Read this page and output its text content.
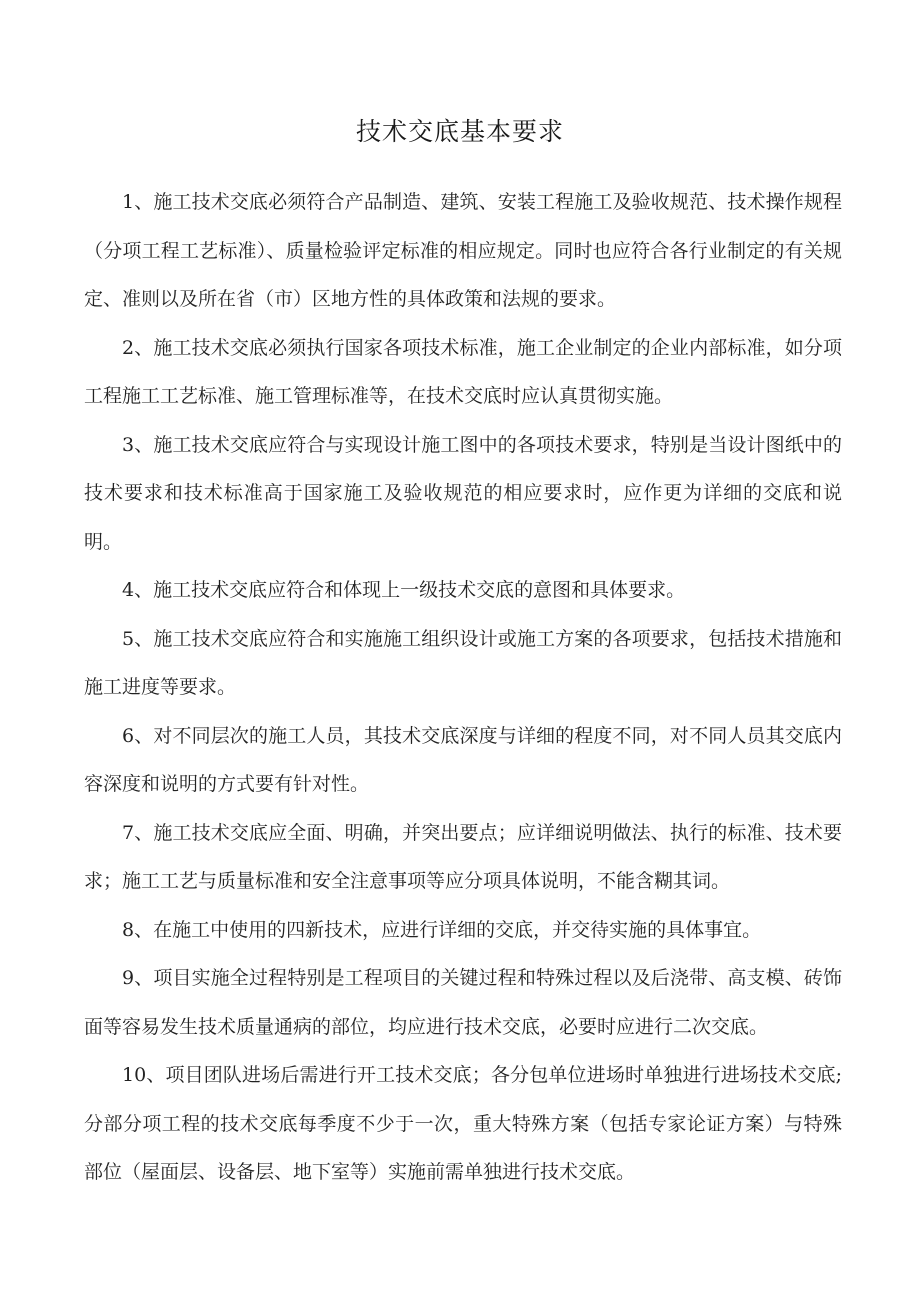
技术交底基本要求

1、施工技术交底必须符合产品制造、建筑、安装工程施工及验收规范、技术操作规程（分项工程工艺标准）、质量检验评定标准的相应规定。同时也应符合各行业制定的有关规定、准则以及所在省（市）区地方性的具体政策和法规的要求。

2、施工技术交底必须执行国家各项技术标准，施工企业制定的企业内部标准，如分项工程施工工艺标准、施工管理标准等，在技术交底时应认真贯彻实施。

3、施工技术交底应符合与实现设计施工图中的各项技术要求，特别是当设计图纸中的技术要求和技术标准高于国家施工及验收规范的相应要求时，应作更为详细的交底和说明。

4、施工技术交底应符合和体现上一级技术交底的意图和具体要求。

5、施工技术交底应符合和实施施工组织设计或施工方案的各项要求，包括技术措施和施工进度等要求。

6、对不同层次的施工人员，其技术交底深度与详细的程度不同，对不同人员其交底内容深度和说明的方式要有针对性。

7、施工技术交底应全面、明确，并突出要点；应详细说明做法、执行的标准、技术要求；施工工艺与质量标准和安全注意事项等应分项具体说明，不能含糊其词。

8、在施工中使用的四新技术，应进行详细的交底，并交待实施的具体事宜。

9、项目实施全过程特别是工程项目的关键过程和特殊过程以及后浇带、高支模、砖饰面等容易发生技术质量通病的部位，均应进行技术交底，必要时应进行二次交底。

10、项目团队进场后需进行开工技术交底；各分包单位进场时单独进行进场技术交底; 分部分项工程的技术交底每季度不少于一次，重大特殊方案（包括专家论证方案）与特殊部位（屋面层、设备层、地下室等）实施前需单独进行技术交底。
